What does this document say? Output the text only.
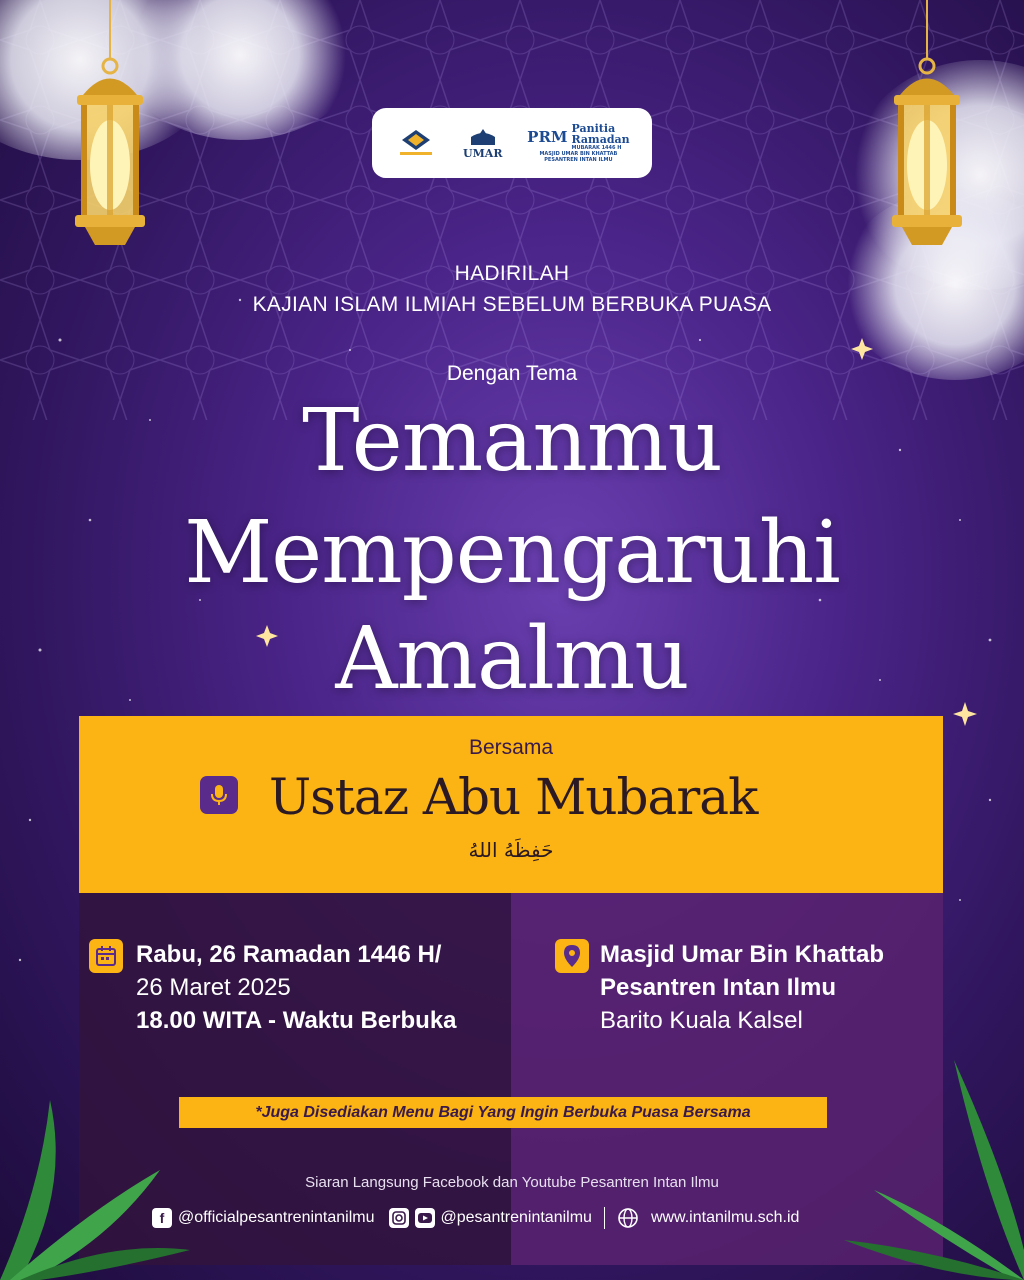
UMAR
PRM Panitia
Ramadan
MUBARAK 1446 H
MASJID UMAR BIN KHATTAB
PESANTREN INTAN ILMU
HADIRILAH
KAJIAN ISLAM ILMIAH SEBELUM BERBUKA PUASA
Dengan Tema
Temanmu
Mempengaruhi
Amalmu
Bersama
Ustaz Abu Mubarak
حَفِظَهُ اللهُ
Rabu, 26 Ramadan 1446 H/
26 Maret 2025
18.00 WITA - Waktu Berbuka
Masjid Umar Bin Khattab
Pesantren Intan Ilmu
Barito Kuala Kalsel
*Juga Disediakan Menu Bagi Yang Ingin Berbuka Puasa Bersama
Siaran Langsung Facebook dan Youtube Pesantren Intan Ilmu
f @officialpesantrenintanilmu	@pesantrenintanilmu	www.intanilmu.sch.id
